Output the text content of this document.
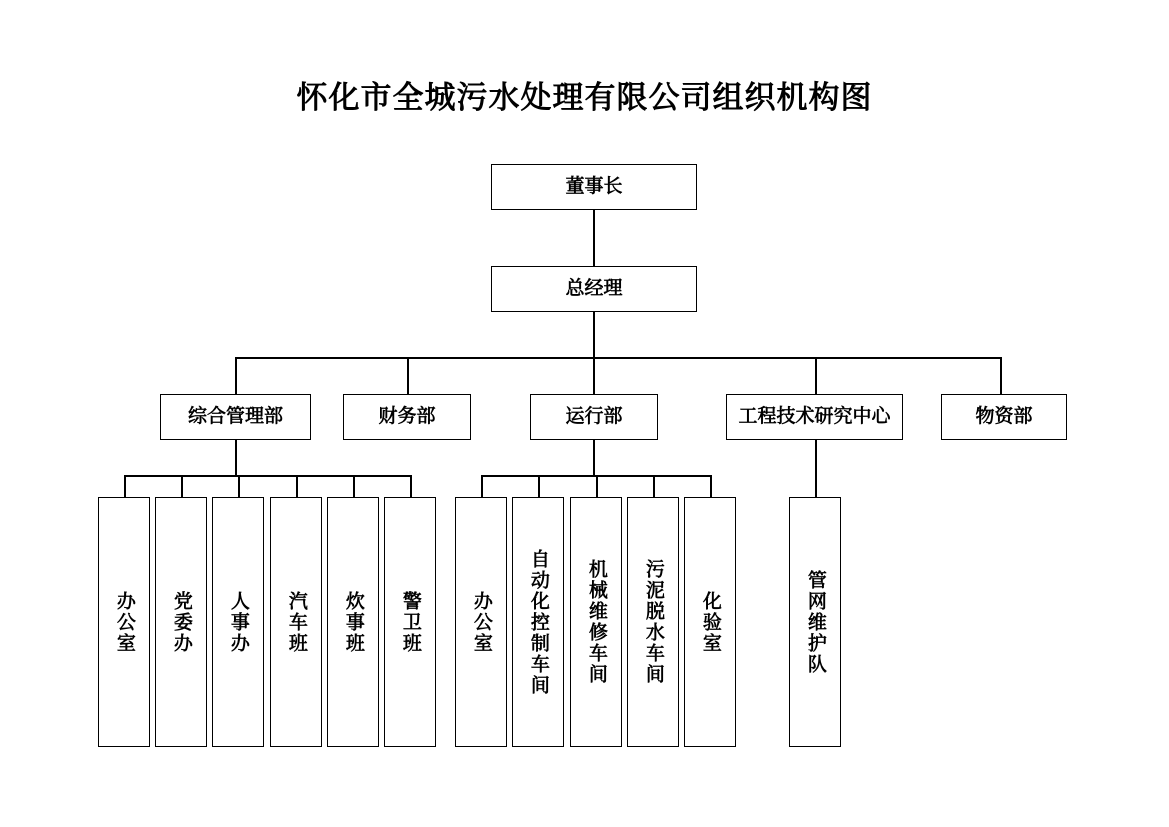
怀化市全城污水处理有限公司组织机构图
董事长
总经理
综合管理部	财务部	运行部	工程技术研究中心	物资部
办公室	党委办	人事办	汽车班	炊事班	警卫班	办公室	自动化控制车间	机械维修车间	污泥脱水车间	化验室	管网维护队
